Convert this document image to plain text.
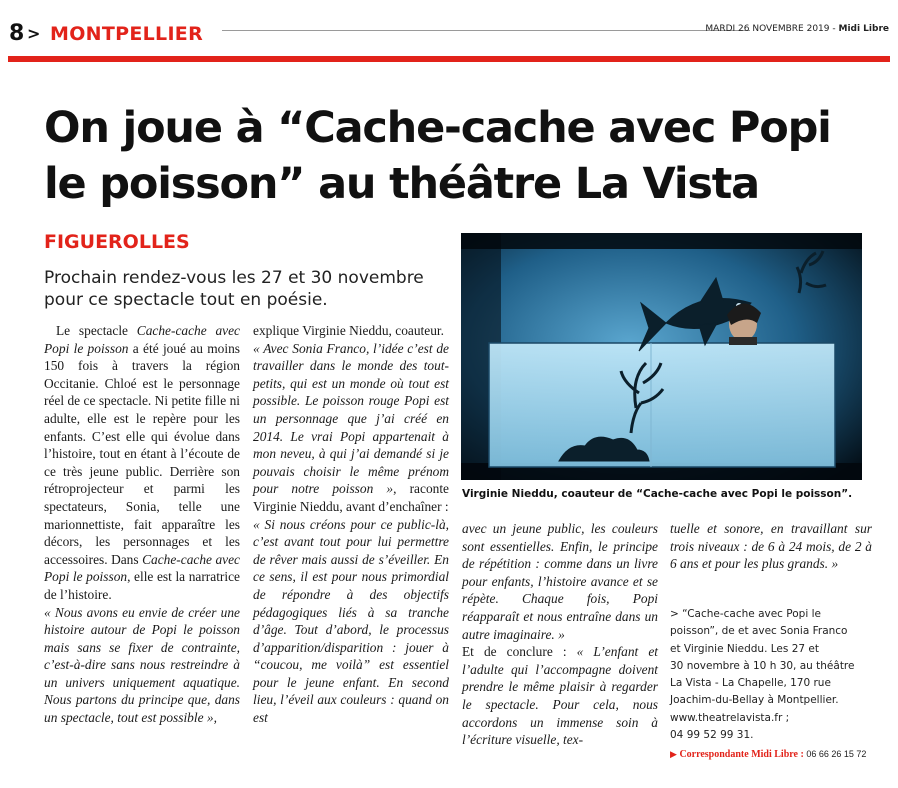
8 > MONTPELLIER	MARDI 26 NOVEMBRE 2019 - Midi Libre
On joue à “Cache-cache avec Popi le poisson” au théâtre La Vista
FIGUEROLLES
Prochain rendez-vous les 27 et 30 novembre pour ce spectacle tout en poésie.
Virginie Nieddu, coauteur de “Cache-cache avec Popi le poisson”.

Le spectacle Cache-cache avec Popi le poisson a été joué au moins 150 fois à travers la région Occitanie. Chloé est le personnage réel de ce spectacle. Ni petite fille ni adulte, elle est le repère pour les enfants. C’est elle qui évolue dans l’histoire, tout en étant à l’écoute de ce très jeune public. Derrière son rétroprojecteur et parmi les spectateurs, Sonia, telle une marionnettiste, fait apparaître les décors, les personnages et les accessoires. Dans Cache-cache avec Popi le poisson, elle est la narratrice de l’histoire.

« Nous avons eu envie de créer une histoire autour de Popi le poisson mais sans se fixer de contrainte, c’est-à-dire sans nous restreindre à un univers uniquement aquatique. Nous partons du principe que, dans un spectacle, tout est possible »,

explique Virginie Nieddu, coauteur.

« Avec Sonia Franco, l’idée c’est de travailler dans le monde des tout-petits, qui est un monde où tout est possible. Le poisson rouge Popi est un personnage que j’ai créé en 2014. Le vrai Popi appartenait à mon neveu, à qui j’ai demandé si je pouvais choisir le même prénom pour notre poisson », raconte Virginie Nieddu, avant d’enchaîner :

« Si nous créons pour ce public-là, c’est avant tout pour lui permettre de rêver mais aussi de s’éveiller. En ce sens, il est pour nous primordial de répondre à des objectifs pédagogiques liés à sa tranche d’âge. Tout d’abord, le processus d’apparition/disparition : jouer à “coucou, me voilà” est essentiel pour le jeune enfant. En second lieu, l’éveil aux couleurs : quand on est

avec un jeune public, les couleurs sont essentielles. Enfin, le principe de répétition : comme dans un livre pour enfants, l’histoire avance et se répète. Chaque fois, Popi réapparaît et nous entraîne dans un autre imaginaire. »

Et de conclure : « L’enfant et l’adulte qui l’accompagne doivent prendre le même plaisir à regarder le spectacle. Pour cela, nous accordons un immense soin à l’écriture visuelle, tex-

tuelle et sonore, en travaillant sur trois niveaux : de 6 à 24 mois, de 2 à 6 ans et pour les plus grands. »

> “Cache-cache avec Popi le
poisson”, de et avec Sonia Franco
et Virginie Nieddu. Les 27 et
30 novembre à 10 h 30, au théâtre
La Vista - La Chapelle, 170 rue
Joachim-du-Bellay à Montpellier.
www.theatrelavista.fr ;
04 99 52 99 31.
▶ Correspondante Midi Libre : 06 66 26 15 72
